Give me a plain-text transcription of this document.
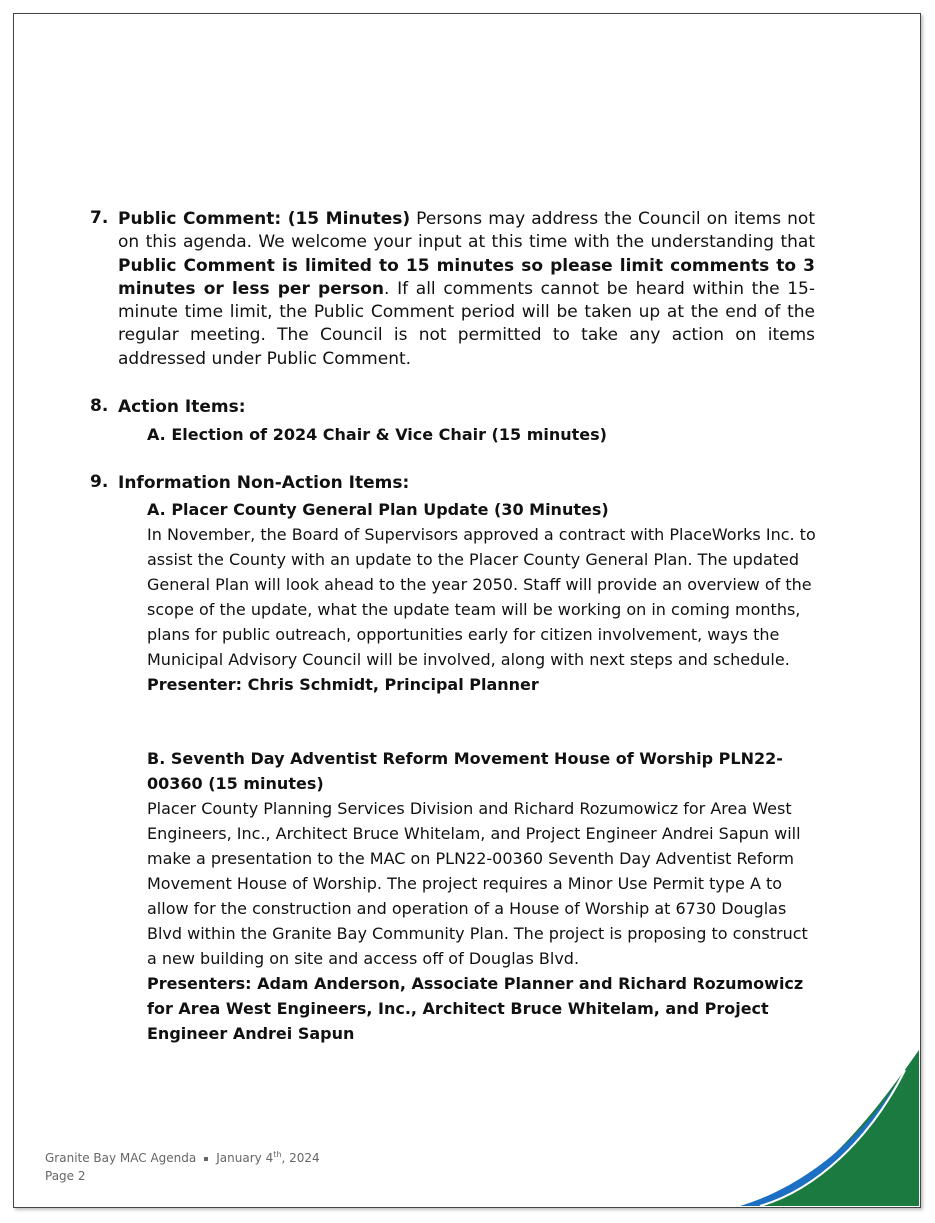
7. Public Comment: (15 Minutes) Persons may address the Council on items not on this agenda. We welcome your input at this time with the understanding that Public Comment is limited to 15 minutes so please limit comments to 3 minutes or less per person. If all comments cannot be heard within the 15-minute time limit, the Public Comment period will be taken up at the end of the regular meeting. The Council is not permitted to take any action on items addressed under Public Comment.
8. Action Items:
A. Election of 2024 Chair & Vice Chair (15 minutes)
9. Information Non-Action Items:
A. Placer County General Plan Update (30 Minutes)
In November, the Board of Supervisors approved a contract with PlaceWorks Inc. to assist the County with an update to the Placer County General Plan. The updated General Plan will look ahead to the year 2050. Staff will provide an overview of the scope of the update, what the update team will be working on in coming months, plans for public outreach, opportunities early for citizen involvement, ways the Municipal Advisory Council will be involved, along with next steps and schedule.
Presenter: Chris Schmidt, Principal Planner
B. Seventh Day Adventist Reform Movement House of Worship PLN22-00360 (15 minutes)
Placer County Planning Services Division and Richard Rozumowicz for Area West Engineers, Inc., Architect Bruce Whitelam, and Project Engineer Andrei Sapun will make a presentation to the MAC on PLN22-00360 Seventh Day Adventist Reform Movement House of Worship. The project requires a Minor Use Permit type A to allow for the construction and operation of a House of Worship at 6730 Douglas Blvd within the Granite Bay Community Plan. The project is proposing to construct a new building on site and access off of Douglas Blvd.
Presenters: Adam Anderson, Associate Planner and Richard Rozumowicz for Area West Engineers, Inc., Architect Bruce Whitelam, and Project Engineer Andrei Sapun
Granite Bay MAC Agenda January 4th, 2024
Page 2
